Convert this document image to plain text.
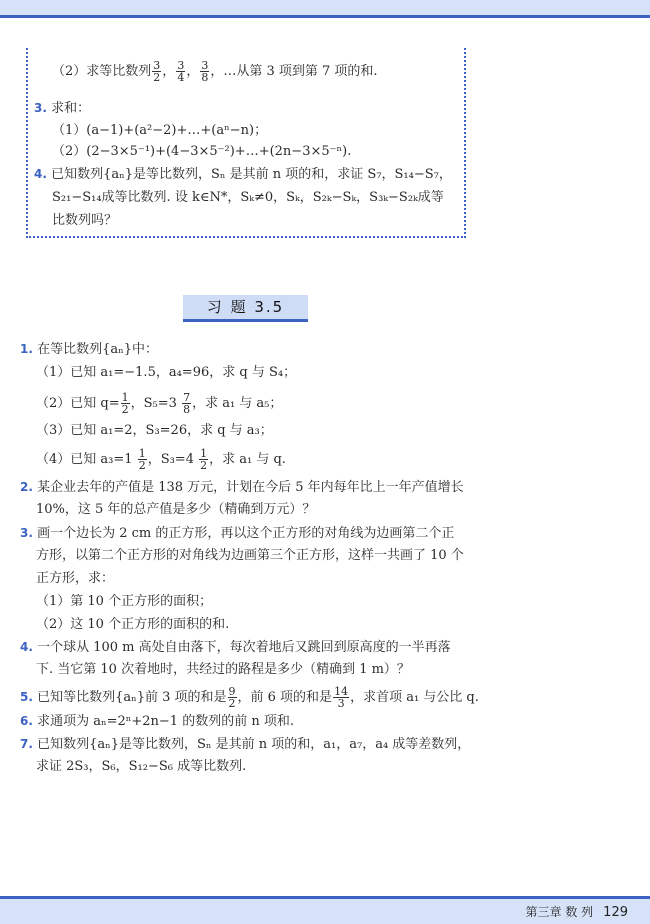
（2）求等比数列 $\frac{3}{2}$ ， $\frac{3}{4}$ ， $\frac{3}{8}$ ，…从第 3 项到第 7 项的和.
3. 求和：
（1）(a−1)+(a²−2)+…+(aⁿ−n)；
（2）(2−3×5⁻¹)+(4−3×5⁻²)+…+(2n−3×5⁻ⁿ).
4. 已知数列{aₙ}是等比数列，Sₙ 是其前 n 项的和，求证 S₇，S₁₄−S₇，
S₂₁−S₁₄成等比数列. 设 k∈N*，Sₖ≠0，Sₖ，S₂ₖ−Sₖ，S₃ₖ−S₂ₖ成等
比数列吗？
习 题 3.5
1. 在等比数列{aₙ}中：
（1）已知 a₁=−1.5，a₄=96，求 q 与 S₄；
（2）已知 $q= \frac{1}{2}$ ，$S_5=3 \frac{7}{8}$ ，求 a₁ 与 a₅；
（3）已知 a₁=2，S₃=26，求 q 与 a₃；
（4）已知 $a_3=1 \frac{1}{2}$ ，$S_3=4 \frac{1}{2}$ ，求 a₁ 与 q.
2. 某企业去年的产值是 138 万元，计划在今后 5 年内每年比上一年产值增长
10%，这 5 年的总产值是多少（精确到万元）？
3. 画一个边长为 2 cm 的正方形，再以这个正方形的对角线为边画第二个正
方形，以第二个正方形的对角线为边画第三个正方形，这样一共画了 10 个
正方形，求：
（1）第 10 个正方形的面积；
（2）这 10 个正方形的面积的和.
4. 一个球从 100 m 高处自由落下，每次着地后又跳回到原高度的一半再落
下. 当它第 10 次着地时，共经过的路程是多少（精确到 1 m）？
5. 已知等比数列{aₙ}前 3 项的和是 $\frac{9}{2}$ ，前 6 项的和是 $\frac{14}{3}$ ，求首项 a₁ 与公比 q.
6. 求通项为 aₙ=2ⁿ+2n−1 的数列的前 n 项和.
7. 已知数列{aₙ}是等比数列，Sₙ 是其前 n 项的和，a₁，a₇，a₄ 成等差数列，
求证 2S₃，S₆，S₁₂−S₆ 成等比数列.
第三章 数 列 129
